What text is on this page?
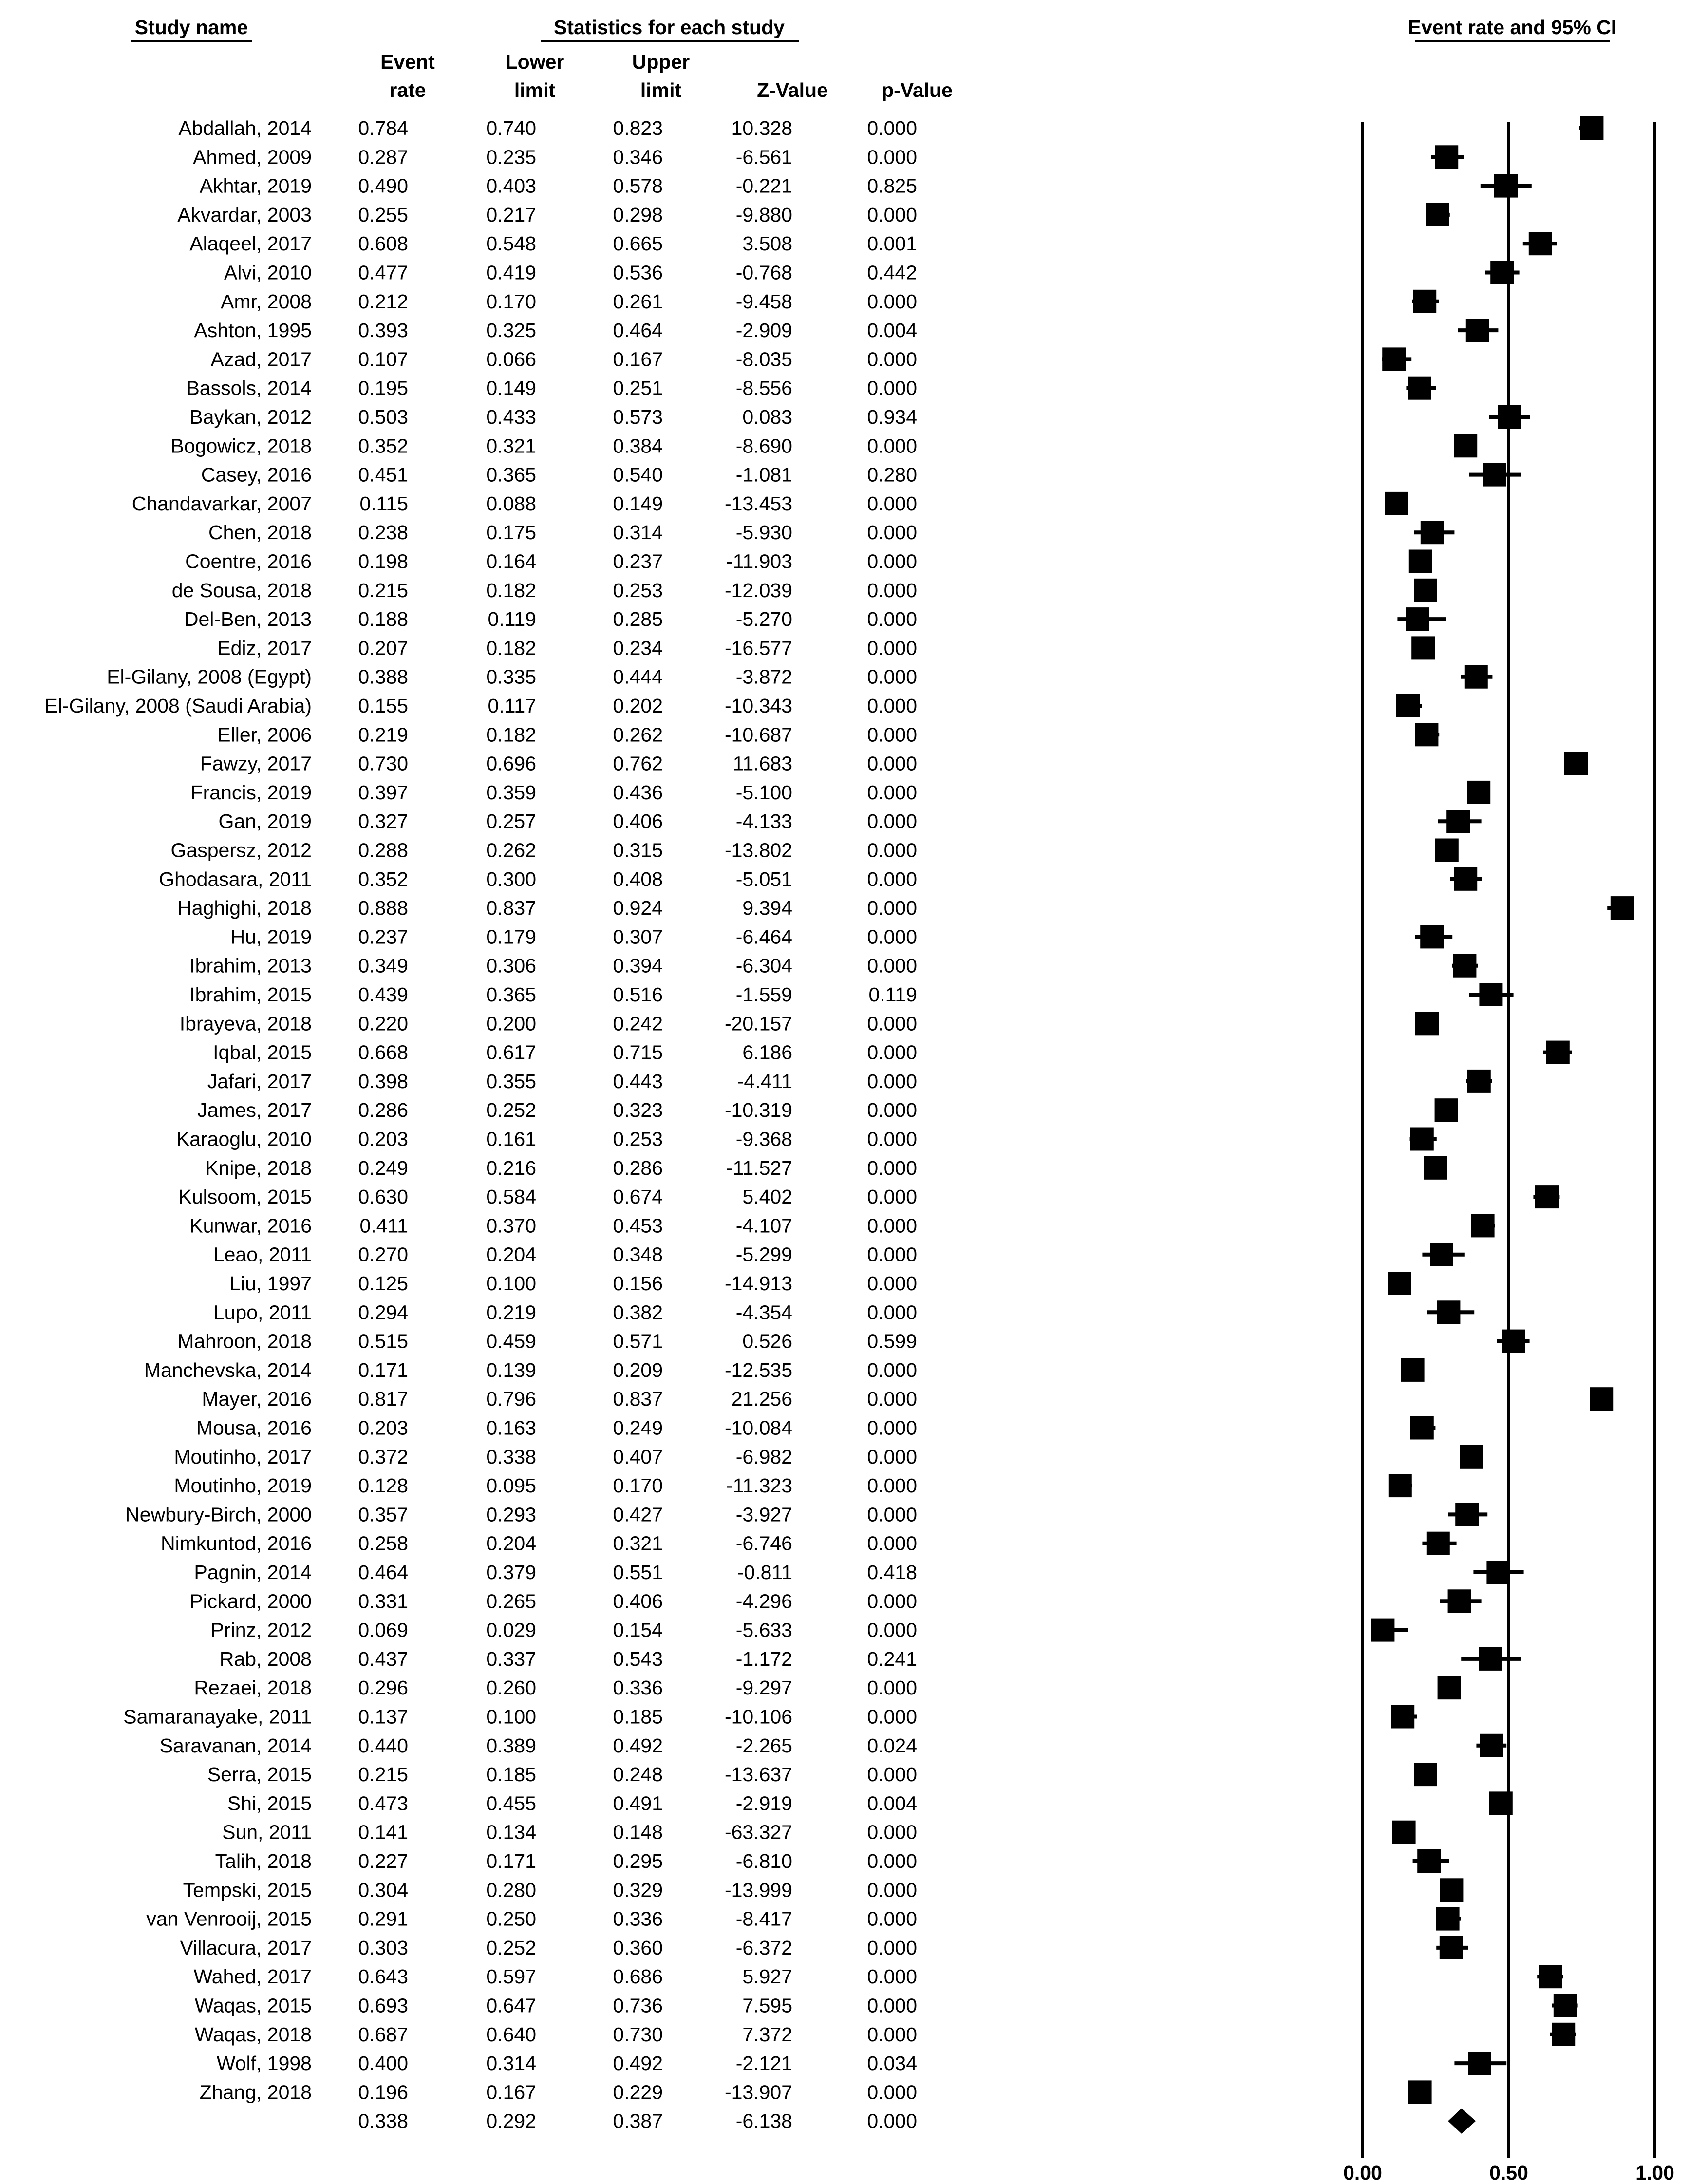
Study name	Statistics for each study	Event rate and 95% CI
Event
rate
Lower
limit
Upper
limit	Z-Value	p-Value
Abdallah, 2014 0.784	0.740	0.823	10.328	0.000
Ahmed, 2009 0.287	0.235	0.346	-6.561	0.000
Akhtar, 2019 0.490	0.403	0.578	-0.221	0.825
Akvardar, 2003 0.255	0.217	0.298	-9.880	0.000
Alaqeel, 2017 0.608	0.548	0.665	3.508	0.001
Alvi, 2010 0.477	0.419	0.536	-0.768	0.442
Amr, 2008 0.212	0.170	0.261	-9.458	0.000
Ashton, 1995 0.393	0.325	0.464	-2.909	0.004
Azad, 2017 0.107	0.066	0.167	-8.035	0.000
Bassols, 2014 0.195	0.149	0.251	-8.556	0.000
Baykan, 2012 0.503	0.433	0.573	0.083	0.934
Bogowicz, 2018 0.352	0.321	0.384	-8.690	0.000
Casey, 2016 0.451	0.365	0.540	-1.081	0.280
Chandavarkar, 2007 0.115	0.088	0.149	-13.453	0.000
Chen, 2018 0.238	0.175	0.314	-5.930	0.000
Coentre, 2016 0.198	0.164	0.237	-11.903	0.000
de Sousa, 2018 0.215	0.182	0.253	-12.039	0.000
Del-Ben, 2013 0.188	0.119	0.285	-5.270	0.000
Ediz, 2017 0.207	0.182	0.234	-16.577	0.000
El-Gilany, 2008 (Egypt) 0.388	0.335	0.444	-3.872	0.000
El-Gilany, 2008 (Saudi Arabia) 0.155	0.117	0.202	-10.343	0.000
Eller, 2006 0.219	0.182	0.262	-10.687	0.000
Fawzy, 2017 0.730	0.696	0.762	11.683	0.000
Francis, 2019 0.397	0.359	0.436	-5.100	0.000
Gan, 2019 0.327	0.257	0.406	-4.133	0.000
Gaspersz, 2012 0.288	0.262	0.315	-13.802	0.000
Ghodasara, 2011 0.352	0.300	0.408	-5.051	0.000
Haghighi, 2018 0.888	0.837	0.924	9.394	0.000
Hu, 2019 0.237	0.179	0.307	-6.464	0.000
Ibrahim, 2013 0.349	0.306	0.394	-6.304	0.000
Ibrahim, 2015 0.439	0.365	0.516	-1.559	0.119
Ibrayeva, 2018 0.220	0.200	0.242	-20.157	0.000
Iqbal, 2015 0.668	0.617	0.715	6.186	0.000
Jafari, 2017 0.398	0.355	0.443	-4.411	0.000
James, 2017 0.286	0.252	0.323	-10.319	0.000
Karaoglu, 2010 0.203	0.161	0.253	-9.368	0.000
Knipe, 2018 0.249	0.216	0.286	-11.527	0.000
Kulsoom, 2015 0.630	0.584	0.674	5.402	0.000
Kunwar, 2016 0.411	0.370	0.453	-4.107	0.000
Leao, 2011 0.270	0.204	0.348	-5.299	0.000
Liu, 1997 0.125	0.100	0.156	-14.913	0.000
Lupo, 2011 0.294	0.219	0.382	-4.354	0.000
Mahroon, 2018 0.515	0.459	0.571	0.526	0.599
Manchevska, 2014 0.171	0.139	0.209	-12.535	0.000
Mayer, 2016 0.817	0.796	0.837	21.256	0.000
Mousa, 2016 0.203	0.163	0.249	-10.084	0.000
Moutinho, 2017 0.372	0.338	0.407	-6.982	0.000
Moutinho, 2019 0.128	0.095	0.170	-11.323	0.000
Newbury-Birch, 2000 0.357	0.293	0.427	-3.927	0.000
Nimkuntod, 2016 0.258	0.204	0.321	-6.746	0.000
Pagnin, 2014 0.464	0.379	0.551	-0.811	0.418
Pickard, 2000 0.331	0.265	0.406	-4.296	0.000
Prinz, 2012 0.069	0.029	0.154	-5.633	0.000
Rab, 2008 0.437	0.337	0.543	-1.172	0.241
Rezaei, 2018 0.296	0.260	0.336	-9.297	0.000
Samaranayake, 2011 0.137	0.100	0.185	-10.106	0.000
Saravanan, 2014 0.440	0.389	0.492	-2.265	0.024
Serra, 2015 0.215	0.185	0.248	-13.637	0.000
Shi, 2015 0.473	0.455	0.491	-2.919	0.004
Sun, 2011 0.141	0.134	0.148	-63.327	0.000
Talih, 2018 0.227	0.171	0.295	-6.810	0.000
Tempski, 2015 0.304	0.280	0.329	-13.999	0.000
van Venrooij, 2015 0.291	0.250	0.336	-8.417	0.000
Villacura, 2017 0.303	0.252	0.360	-6.372	0.000
Wahed, 2017 0.643	0.597	0.686	5.927	0.000
Waqas, 2015 0.693	0.647	0.736	7.595	0.000
Waqas, 2018 0.687	0.640	0.730	7.372	0.000
Wolf, 1998 0.400	0.314	0.492	-2.121	0.034
Zhang, 2018 0.196	0.167	0.229	-13.907	0.000
0.338	0.292	0.387	-6.138	0.000
0.00	0.50	1.00
